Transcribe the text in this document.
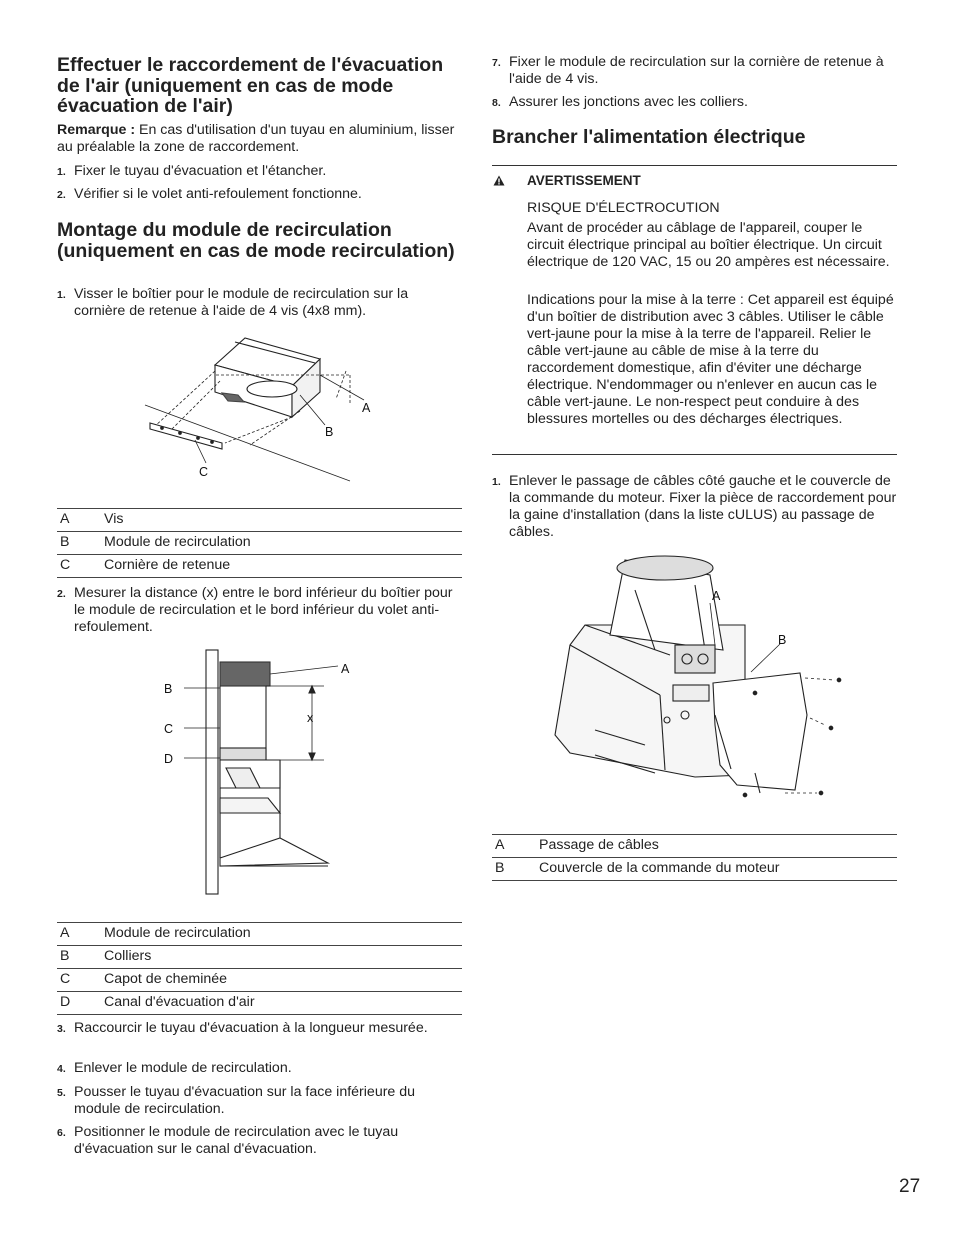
Effectuer le raccordement de l'évacuation de l'air (uniquement en cas de mode évacuation de l'air)

Remarque : En cas d'utilisation d'un tuyau en aluminium, lisser au préalable la zone de raccordement.

1. Fixer le tuyau d'évacuation et l'étancher.
2. Vérifier si le volet anti-refoulement fonctionne.
Montage du module de recirculation (uniquement en cas de mode recirculation)
1. Visser le boîtier pour le module de recirculation sur la cornière de retenue à l'aide de 4 vis (4x8 mm).
A
B
C
A	Vis
B	Module de recirculation
C	Cornière de retenue
2. Mesurer la distance (x) entre le bord inférieur du boîtier pour le module de recirculation et le bord inférieur du volet anti-refoulement.
A
B
C
D
x
A	Module de recirculation
B	Colliers
C	Capot de cheminée
D	Canal d'évacuation d'air
3. Raccourcir le tuyau d'évacuation à la longueur mesurée.
4. Enlever le module de recirculation.
5. Pousser le tuyau d'évacuation sur la face inférieure du module de recirculation.
6. Positionner le module de recirculation avec le tuyau d'évacuation sur le canal d'évacuation.
7. Fixer le module de recirculation sur la cornière de retenue à l'aide de 4 vis.
8. Assurer les jonctions avec les colliers.
Brancher l'alimentation électrique
AVERTISSEMENT
RISQUE D'ÉLECTROCUTION

Avant de procéder au câblage de l'appareil, couper le circuit électrique principal au boîtier électrique. Un circuit électrique de 120 VAC, 15 ou 20 ampères est nécessaire.

Indications pour la mise à la terre : Cet appareil est équipé d'un boîtier de distribution avec 3 câbles. Utiliser le câble vert-jaune pour la mise à la terre de l'appareil. Relier le câble vert-jaune au câble de mise à la terre du raccordement domestique, afin d'éviter une décharge électrique. N'endommager ou n'enlever en aucun cas le câble vert-jaune. Le non-respect peut conduire à des blessures mortelles ou des décharges électriques.

1. Enlever le passage de câbles côté gauche et le couvercle de la commande du moteur. Fixer la pièce de raccordement pour la gaine d'installation (dans la liste cULUS) au passage de câbles.
A
B
A	Passage de câbles
B	Couvercle de la commande du moteur
27
